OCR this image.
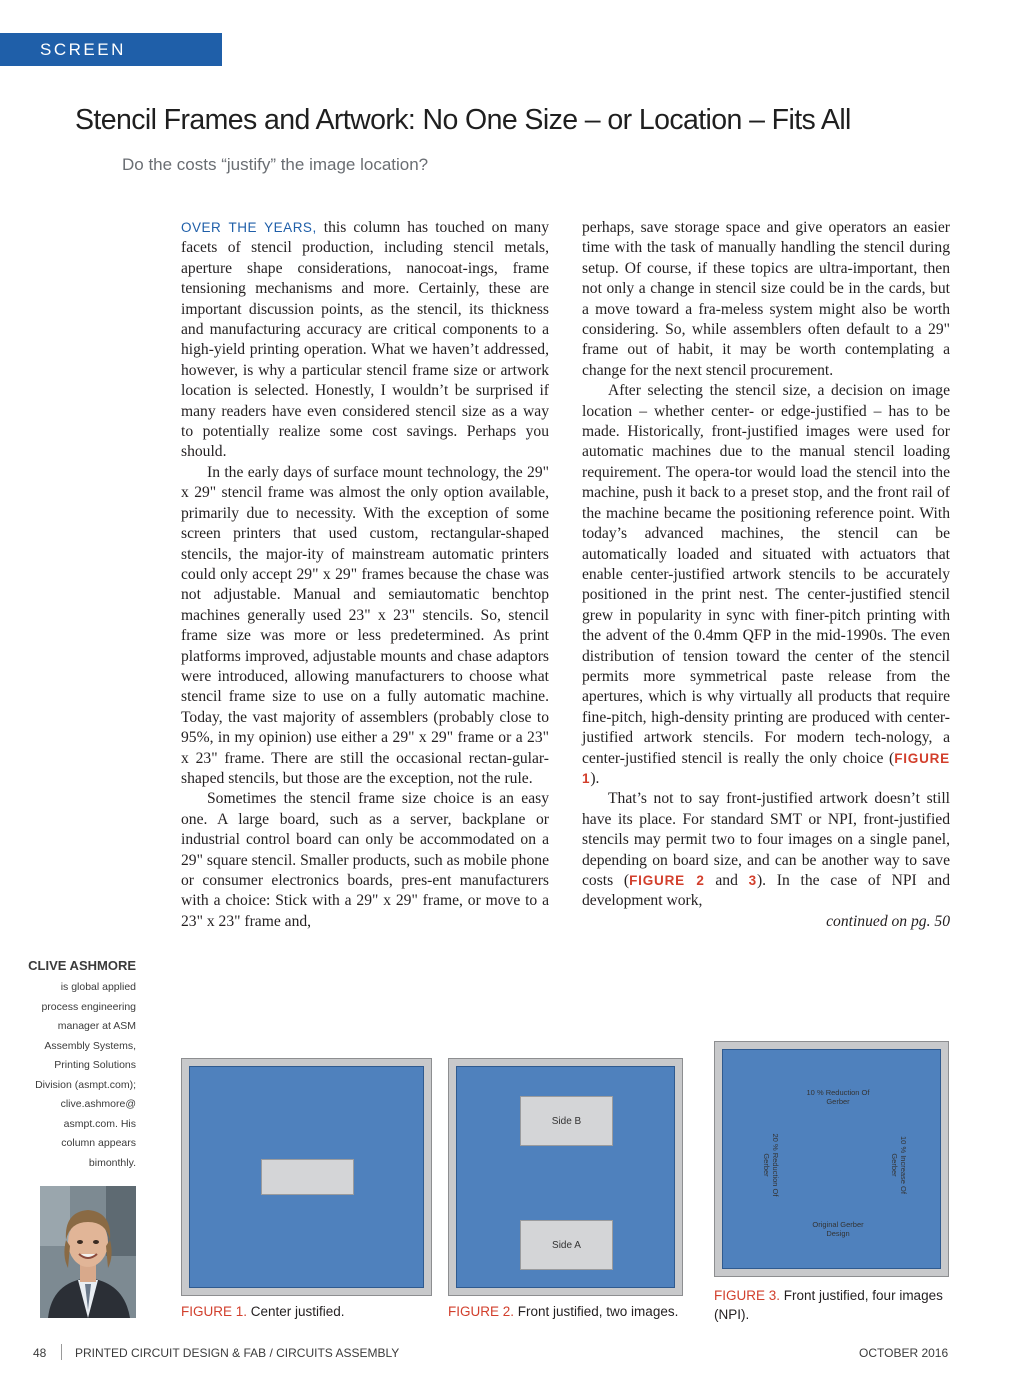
SCREEN PRINTING
Stencil Frames and Artwork: No One Size – or Location – Fits All
Do the costs “justify” the image location?

OVER THE YEARS, this column has touched on many facets of stencil production, including stencil metals, aperture shape considerations, nanocoat-ings, frame tensioning mechanisms and more. Certainly, these are important discussion points, as the stencil, its thickness and manufacturing accuracy are critical components to a high-yield printing operation. What we haven’t addressed, however, is why a particular stencil frame size or artwork location is selected. Honestly, I wouldn’t be surprised if many readers have even considered stencil size as a way to potentially realize some cost savings. Perhaps you should.

In the early days of surface mount technology, the 29" x 29" stencil frame was almost the only option available, primarily due to necessity. With the exception of some screen printers that used custom, rectangular-shaped stencils, the major-ity of mainstream automatic printers could only accept 29" x 29" frames because the chase was not adjustable. Manual and semiautomatic benchtop machines generally used 23" x 23" stencils. So, stencil frame size was more or less predetermined. As print platforms improved, adjustable mounts and chase adaptors were introduced, allowing manufacturers to choose what stencil frame size to use on a fully automatic machine. Today, the vast majority of assemblers (probably close to 95%, in my opinion) use either a 29" x 29" frame or a 23" x 23" frame. There are still the occasional rectan-gular-shaped stencils, but those are the exception, not the rule.

Sometimes the stencil frame size choice is an easy one. A large board, such as a server, backplane or industrial control board can only be accommodated on a 29" square stencil. Smaller products, such as mobile phone or consumer electronics boards, pres-ent manufacturers with a choice: Stick with a 29" x 29" frame, or move to a 23" x 23" frame and,

perhaps, save storage space and give operators an easier time with the task of manually handling the stencil during setup. Of course, if these topics are ultra-important, then not only a change in stencil size could be in the cards, but a move toward a fra-meless system might also be worth considering. So, while assemblers often default to a 29" frame out of habit, it may be worth contemplating a change for the next stencil procurement.

After selecting the stencil size, a decision on image location – whether center- or edge-justified – has to be made. Historically, front-justified images were used for automatic machines due to the manual stencil loading requirement. The opera-tor would load the stencil into the machine, push it back to a preset stop, and the front rail of the machine became the positioning reference point. With today’s advanced machines, the stencil can be automatically loaded and situated with actuators that enable center-justified artwork stencils to be accurately positioned in the print nest. The center-justified stencil grew in popularity in sync with finer-pitch printing with the advent of the 0.4mm QFP in the mid-1990s. The even distribution of tension toward the center of the stencil permits more symmetrical paste release from the apertures, which is why virtually all products that require fine-pitch, high-density printing are produced with center-justified artwork stencils. For modern tech-nology, a center-justified stencil is really the only choice (FIGURE 1).

That’s not to say front-justified artwork doesn’t still have its place. For standard SMT or NPI, front-justified stencils may permit two to four images on a single panel, depending on board size, and can be another way to save costs (FIGURE 2 and 3). In the case of NPI and development work,

continued on pg. 50

CLIVE ASHMORE

is global applied process engineering manager at ASM Assembly Systems, Printing Solutions Division (asmpt.com); clive.ashmore@ asmpt.com. His column appears bimonthly.

FIGURE 1. Center justified.
Side B
Side A
FIGURE 2. Front justified, two images.
10 % Reduction Of Gerber
20 % Reduction Of Gerber	10 % Increase Of Gerber
Original Gerber Design
FIGURE 3. Front justified, four images (NPI).
48 PRINTED CIRCUIT DESIGN & FAB / CIRCUITS ASSEMBLY	OCTOBER 2016
